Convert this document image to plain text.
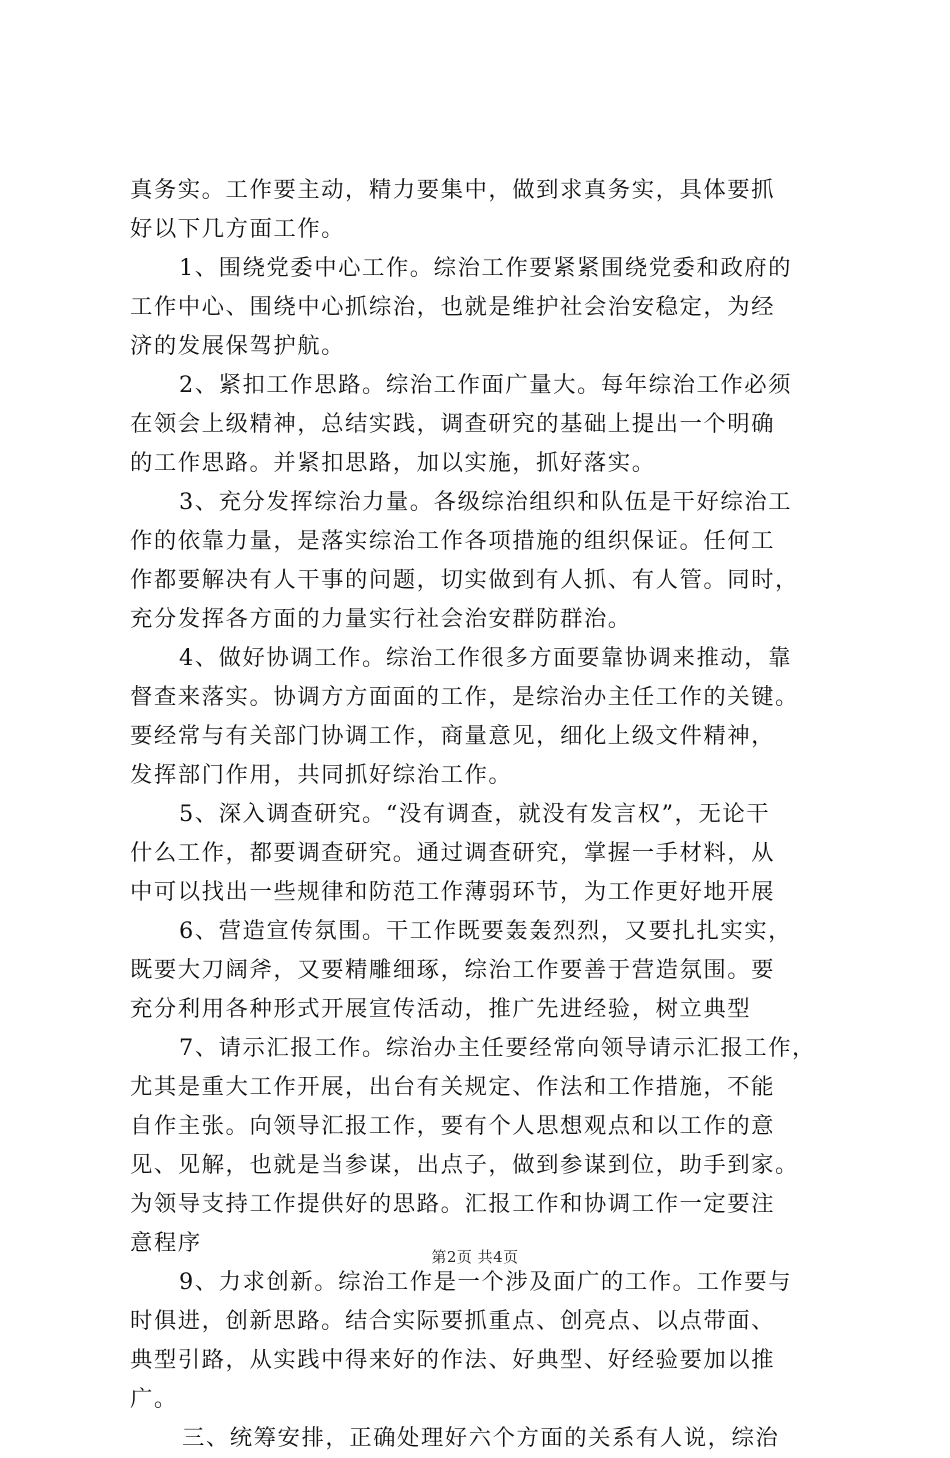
真务实。工作要主动，精力要集中，做到求真务实，具体要抓
好以下几方面工作。
1、围绕党委中心工作。综治工作要紧紧围绕党委和政府的
工作中心、围绕中心抓综治，也就是维护社会治安稳定，为经
济的发展保驾护航。
2、紧扣工作思路。综治工作面广量大。每年综治工作必须
在领会上级精神，总结实践，调查研究的基础上提出一个明确
的工作思路。并紧扣思路，加以实施，抓好落实。
3、充分发挥综治力量。各级综治组织和队伍是干好综治工
作的依靠力量，是落实综治工作各项措施的组织保证。任何工
作都要解决有人干事的问题，切实做到有人抓、有人管。同时，
充分发挥各方面的力量实行社会治安群防群治。
4、做好协调工作。综治工作很多方面要靠协调来推动，靠
督查来落实。协调方方面面的工作，是综治办主任工作的关键。
要经常与有关部门协调工作，商量意见，细化上级文件精神，
发挥部门作用，共同抓好综治工作。
5、深入调查研究。“没有调查，就没有发言权”，无论干
什么工作，都要调查研究。通过调查研究，掌握一手材料，从
中可以找出一些规律和防范工作薄弱环节，为工作更好地开展
6、营造宣传氛围。干工作既要轰轰烈烈，又要扎扎实实，
既要大刀阔斧，又要精雕细琢，综治工作要善于营造氛围。要
充分利用各种形式开展宣传活动，推广先进经验，树立典型
7、请示汇报工作。综治办主任要经常向领导请示汇报工作，
尤其是重大工作开展，出台有关规定、作法和工作措施，不能
自作主张。向领导汇报工作，要有个人思想观点和以工作的意
见、见解，也就是当参谋，出点子，做到参谋到位，助手到家。
为领导支持工作提供好的思路。汇报工作和协调工作一定要注
意程序
9、力求创新。综治工作是一个涉及面广的工作。工作要与
时俱进，创新思路。结合实际要抓重点、创亮点、以点带面、
典型引路，从实践中得来好的作法、好典型、好经验要加以推
广。
三、统筹安排，正确处理好六个方面的关系有人说，综治
第2页 共4页
